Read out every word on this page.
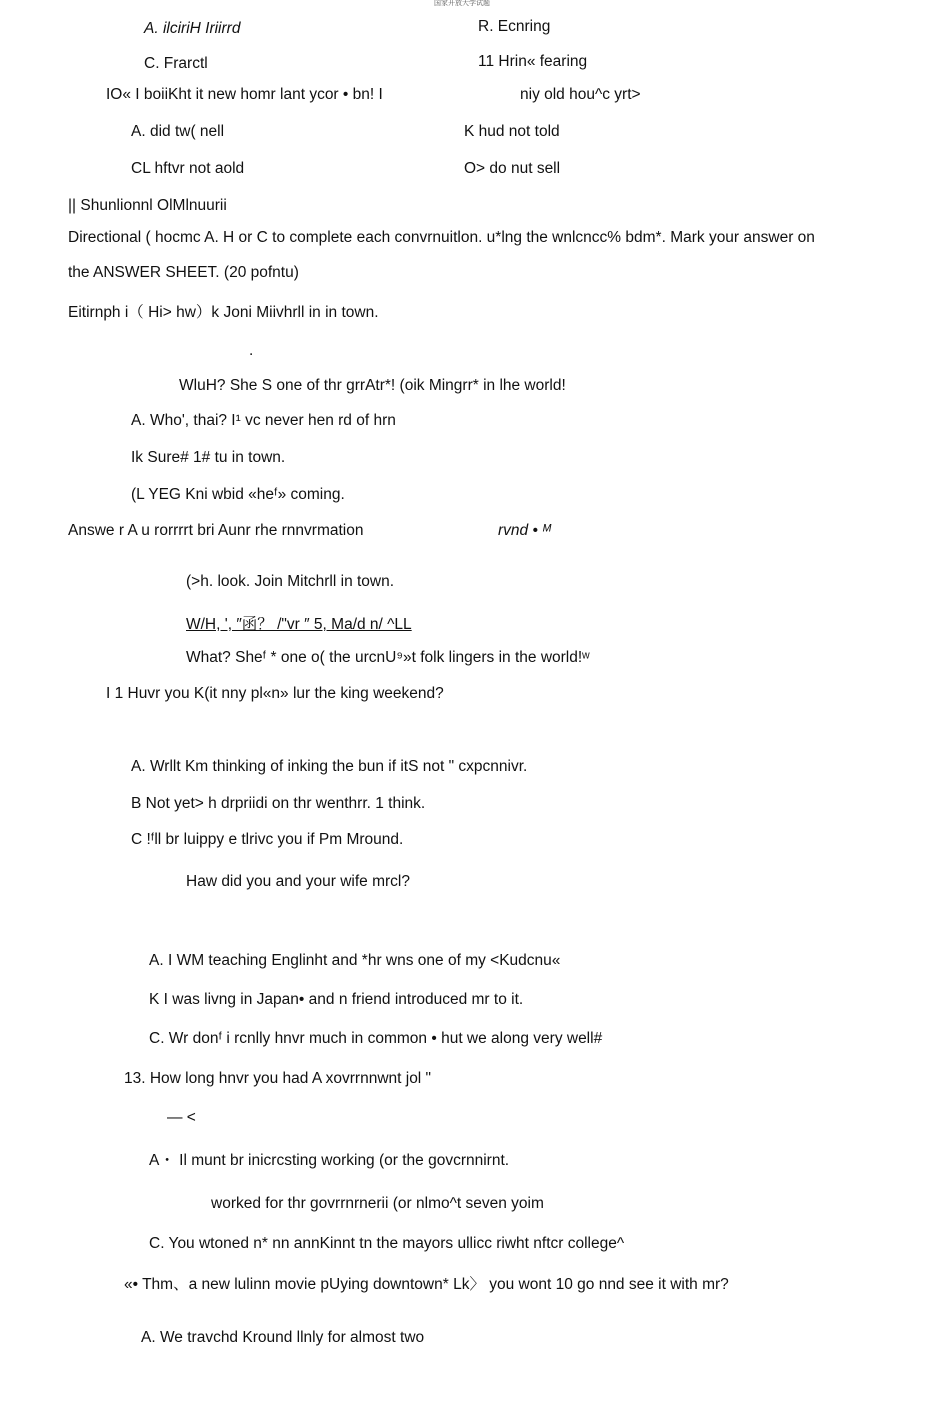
国家开放大学试题
A. ilciriH Iriirrd	R. Ecnring
C. Frarctl	11 Hrin« fearing
IO« I boiiKht it new homr lant ycor • bn! I	niy old hou^c yrt>
A. did tw( nell	K hud not told
CL hftvr not aold	O> do nut sell
|| Shunlionnl OlMlnuurii
Directional ( hocmc A. H or C to complete each convrnuitlon. u*lng the wnlcncc% bdm*. Mark your answer on
the ANSWER SHEET. (20 pofntu)
Eitirnph i（ Hi> hw）k Joni Miivhrll in in town.
.
WluH? She S one of thr grrAtr*! (oik Mingrr* in lhe world!
A. Who', thai? I¹ vc never hen rd of hrn
Ik Sure# 1# tu in town.
(L YEG Kni wbid «heᶠ» coming.
Answe r A u rorrrrt bri Aunr rhe rnnvrmation	rvnd • ᴹ
(>h. look. Join Mitchrll in town.
W/H, ', ″函？ /"vr ″ 5, Ma/d n/ ^LL
What? Sheᶠ * one o( the urcnU⁹»t folk lingers in the world!ʷ
I 1 Huvr you K(it nny pl«n» lur the king weekend?
A. Wrllt Km thinking of inking the bun if itS not " cxpcnnivr.
B Not yet> h drpriidi on thr wenthrr. 1 think.
C !ᶠll br luippy e tlrivc you if Pm Mround.
Haw did you and your wife mrcl?
A. I WM teaching Englinht and *hr wns one of my <Kudcnu«
K I was livng in Japan• and n friend introduced mr to it.
C. Wr donᶠ i rcnlly hnvr much in common • hut we along very well#
13. How long hnvr you had A xovrrnnwnt jol "
— <
A・ Il munt br inicrcsting working (or the govcrnnirnt.
worked for thr govrrnrnerii (or nlmo^t seven yoim
C. You wtoned n* nn annKinnt tn the mayors ullicc riwht nftcr college^
«• Thm、a new lulinn movie pUying downtown* Lk〉 you wont 10 go nnd see it with mr?
A. We travchd Kround llnly for almost two
